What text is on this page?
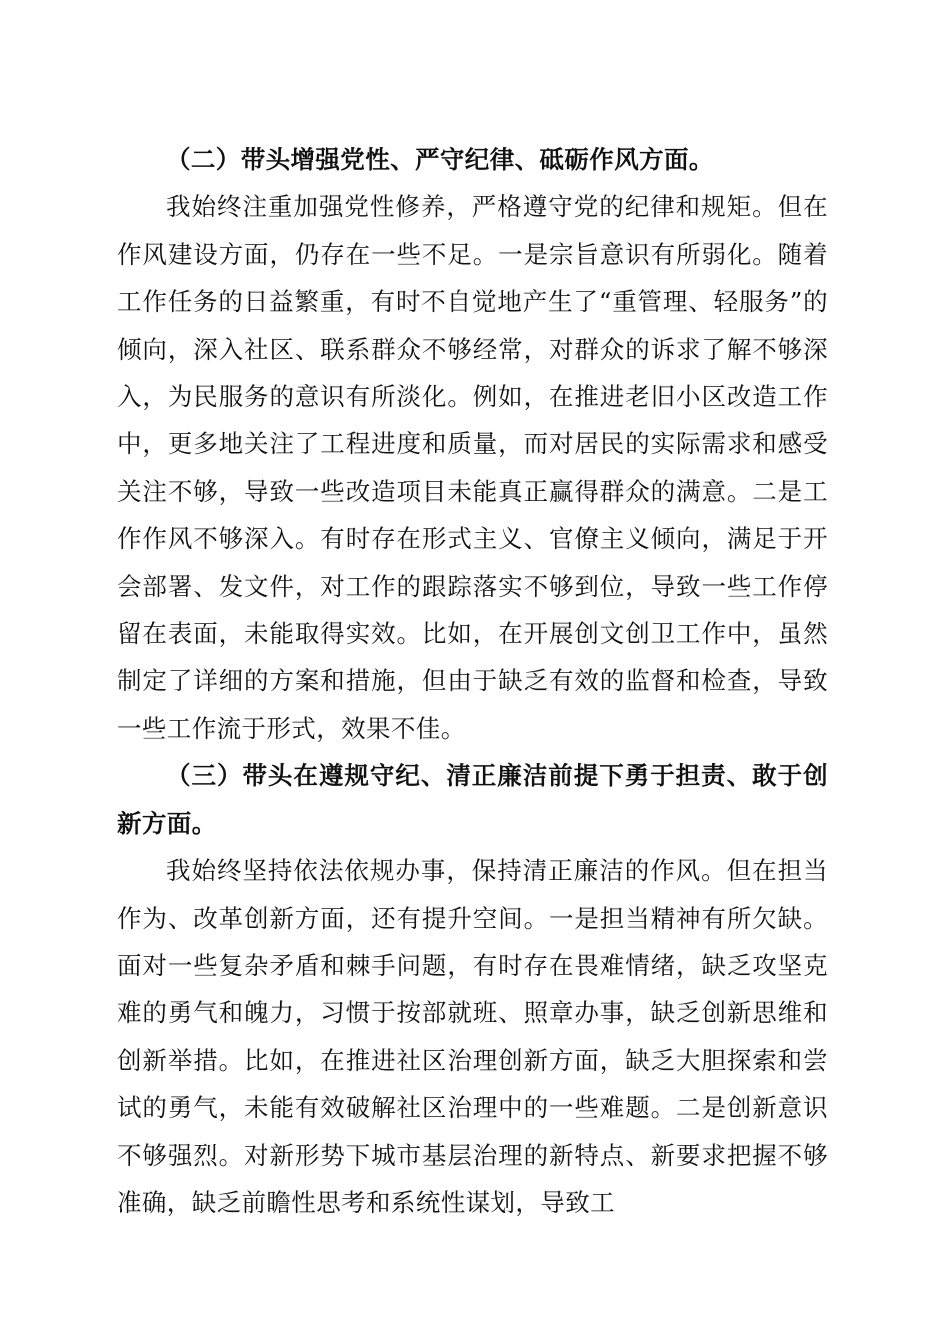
（二）带头增强党性、严守纪律、砥砺作风方面。

我始终注重加强党性修养，严格遵守党的纪律和规矩。但在作风建设方面，仍存在一些不足。一是宗旨意识有所弱化。随着工作任务的日益繁重，有时不自觉地产生了“重管理、轻服务”的倾向，深入社区、联系群众不够经常，对群众的诉求了解不够深入，为民服务的意识有所淡化。例如，在推进老旧小区改造工作中，更多地关注了工程进度和质量，而对居民的实际需求和感受关注不够，导致一些改造项目未能真正赢得群众的满意。二是工作作风不够深入。有时存在形式主义、官僚主义倾向，满足于开会部署、发文件，对工作的跟踪落实不够到位，导致一些工作停留在表面，未能取得实效。比如，在开展创文创卫工作中，虽然制定了详细的方案和措施，但由于缺乏有效的监督和检查，导致一些工作流于形式，效果不佳。

（三）带头在遵规守纪、清正廉洁前提下勇于担责、敢于创新方面。

我始终坚持依法依规办事，保持清正廉洁的作风。但在担当作为、改革创新方面，还有提升空间。一是担当精神有所欠缺。面对一些复杂矛盾和棘手问题，有时存在畏难情绪，缺乏攻坚克难的勇气和魄力，习惯于按部就班、照章办事，缺乏创新思维和创新举措。比如，在推进社区治理创新方面，缺乏大胆探索和尝试的勇气，未能有效破解社区治理中的一些难题。二是创新意识不够强烈。对新形势下城市基层治理的新特点、新要求把握不够准确，缺乏前瞻性思考和系统性谋划，导致工
